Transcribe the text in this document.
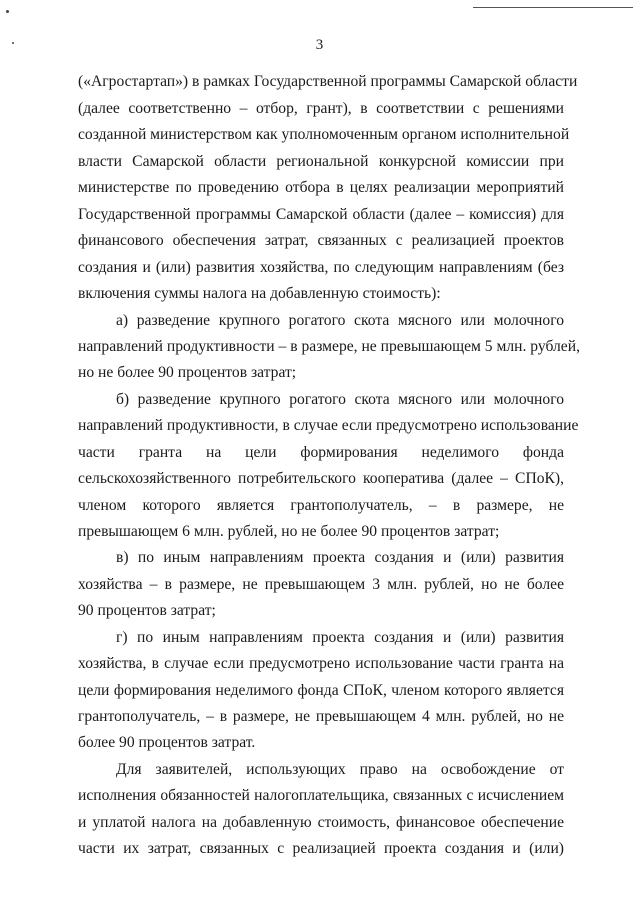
3
(«Агростартап») в рамках Государственной программы Самарской области
(далее соответственно – отбор, грант), в соответствии с решениями
созданной министерством как уполномоченным органом исполнительной
власти Самарской области региональной конкурсной комиссии при
министерстве по проведению отбора в целях реализации мероприятий
Государственной программы Самарской области (далее – комиссия) для
финансового обеспечения затрат, связанных с реализацией проектов
создания и (или) развития хозяйства, по следующим направлениям (без
включения суммы налога на добавленную стоимость):
а) разведение крупного рогатого скота мясного или молочного
направлений продуктивности – в размере, не превышающем 5 млн. рублей,
но не более 90 процентов затрат;
б) разведение крупного рогатого скота мясного или молочного
направлений продуктивности, в случае если предусмотрено использование
части гранта на цели формирования неделимого фонда
сельскохозяйственного потребительского кооператива (далее – СПоК),
членом которого является грантополучатель, – в размере, не
превышающем 6 млн. рублей, но не более 90 процентов затрат;
в) по иным направлениям проекта создания и (или) развития
хозяйства – в размере, не превышающем 3 млн. рублей, но не более
90 процентов затрат;
г) по иным направлениям проекта создания и (или) развития
хозяйства, в случае если предусмотрено использование части гранта на
цели формирования неделимого фонда СПоК, членом которого является
грантополучатель, – в размере, не превышающем 4 млн. рублей, но не
более 90 процентов затрат.
Для заявителей, использующих право на освобождение от
исполнения обязанностей налогоплательщика, связанных с исчислением
и уплатой налога на добавленную стоимость, финансовое обеспечение
части их затрат, связанных с реализацией проекта создания и (или)
